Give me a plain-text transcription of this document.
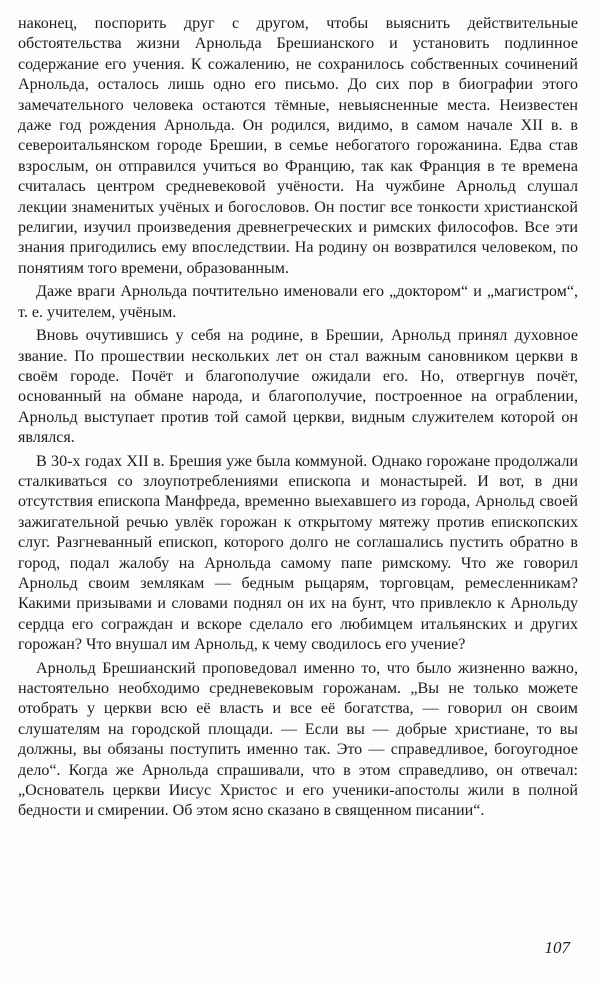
наконец, поспорить друг с другом, чтобы выяснить действительные обстоятельства жизни Арнольда Брешианского и установить подлинное содержание его учения. К сожалению, не сохранилось собственных сочинений Арнольда, осталось лишь одно его письмо. До сих пор в биографии этого замечательного человека остаются тёмные, невыясненные места. Неизвестен даже год рождения Арнольда. Он родился, видимо, в самом начале XII в. в североитальянском городе Брешии, в семье небогатого горожанина. Едва став взрослым, он отправился учиться во Францию, так как Франция в те времена считалась центром средневековой учёности. На чужбине Арнольд слушал лекции знаменитых учёных и богословов. Он постиг все тонкости христианской религии, изучил произведения древнегреческих и римских философов. Все эти знания пригодились ему впоследствии. На родину он возвратился человеком, по понятиям того времени, образованным.

Даже враги Арнольда почтительно именовали его „доктором“ и „магистром“, т. е. учителем, учёным.

Вновь очутившись у себя на родине, в Брешии, Арнольд принял духовное звание. По прошествии нескольких лет он стал важным сановником церкви в своём городе. Почёт и благополучие ожидали его. Но, отвергнув почёт, основанный на обмане народа, и благополучие, построенное на ограблении, Арнольд выступает против той самой церкви, видным служителем которой он являлся.

В 30-х годах XII в. Брешия уже была коммуной. Однако горожане продолжали сталкиваться со злоупотреблениями епископа и монастырей. И вот, в дни отсутствия епископа Манфреда, временно выехавшего из города, Арнольд своей зажигательной речью увлёк горожан к открытому мятежу против епископских слуг. Разгневанный епископ, которого долго не соглашались пустить обратно в город, подал жалобу на Арнольда самому папе римскому. Что же говорил Арнольд своим землякам — бедным рыцарям, торговцам, ремесленникам? Какими призывами и словами поднял он их на бунт, что привлекло к Арнольду сердца его сограждан и вскоре сделало его любимцем итальянских и других горожан? Что внушал им Арнольд, к чему сводилось его учение?

Арнольд Брешианский проповедовал именно то, что было жизненно важно, настоятельно необходимо средневековым горожанам. „Вы не только можете отобрать у церкви всю её власть и все её богатства, — говорил он своим слушателям на городской площади. — Если вы — добрые христиане, то вы должны, вы обязаны поступить именно так. Это — справедливое, богоугодное дело“. Когда же Арнольда спрашивали, что в этом справедливо, он отвечал: „Основатель церкви Иисус Христос и его ученики-апостолы жили в полной бедности и смирении. Об этом ясно сказано в священном писании“.

107
